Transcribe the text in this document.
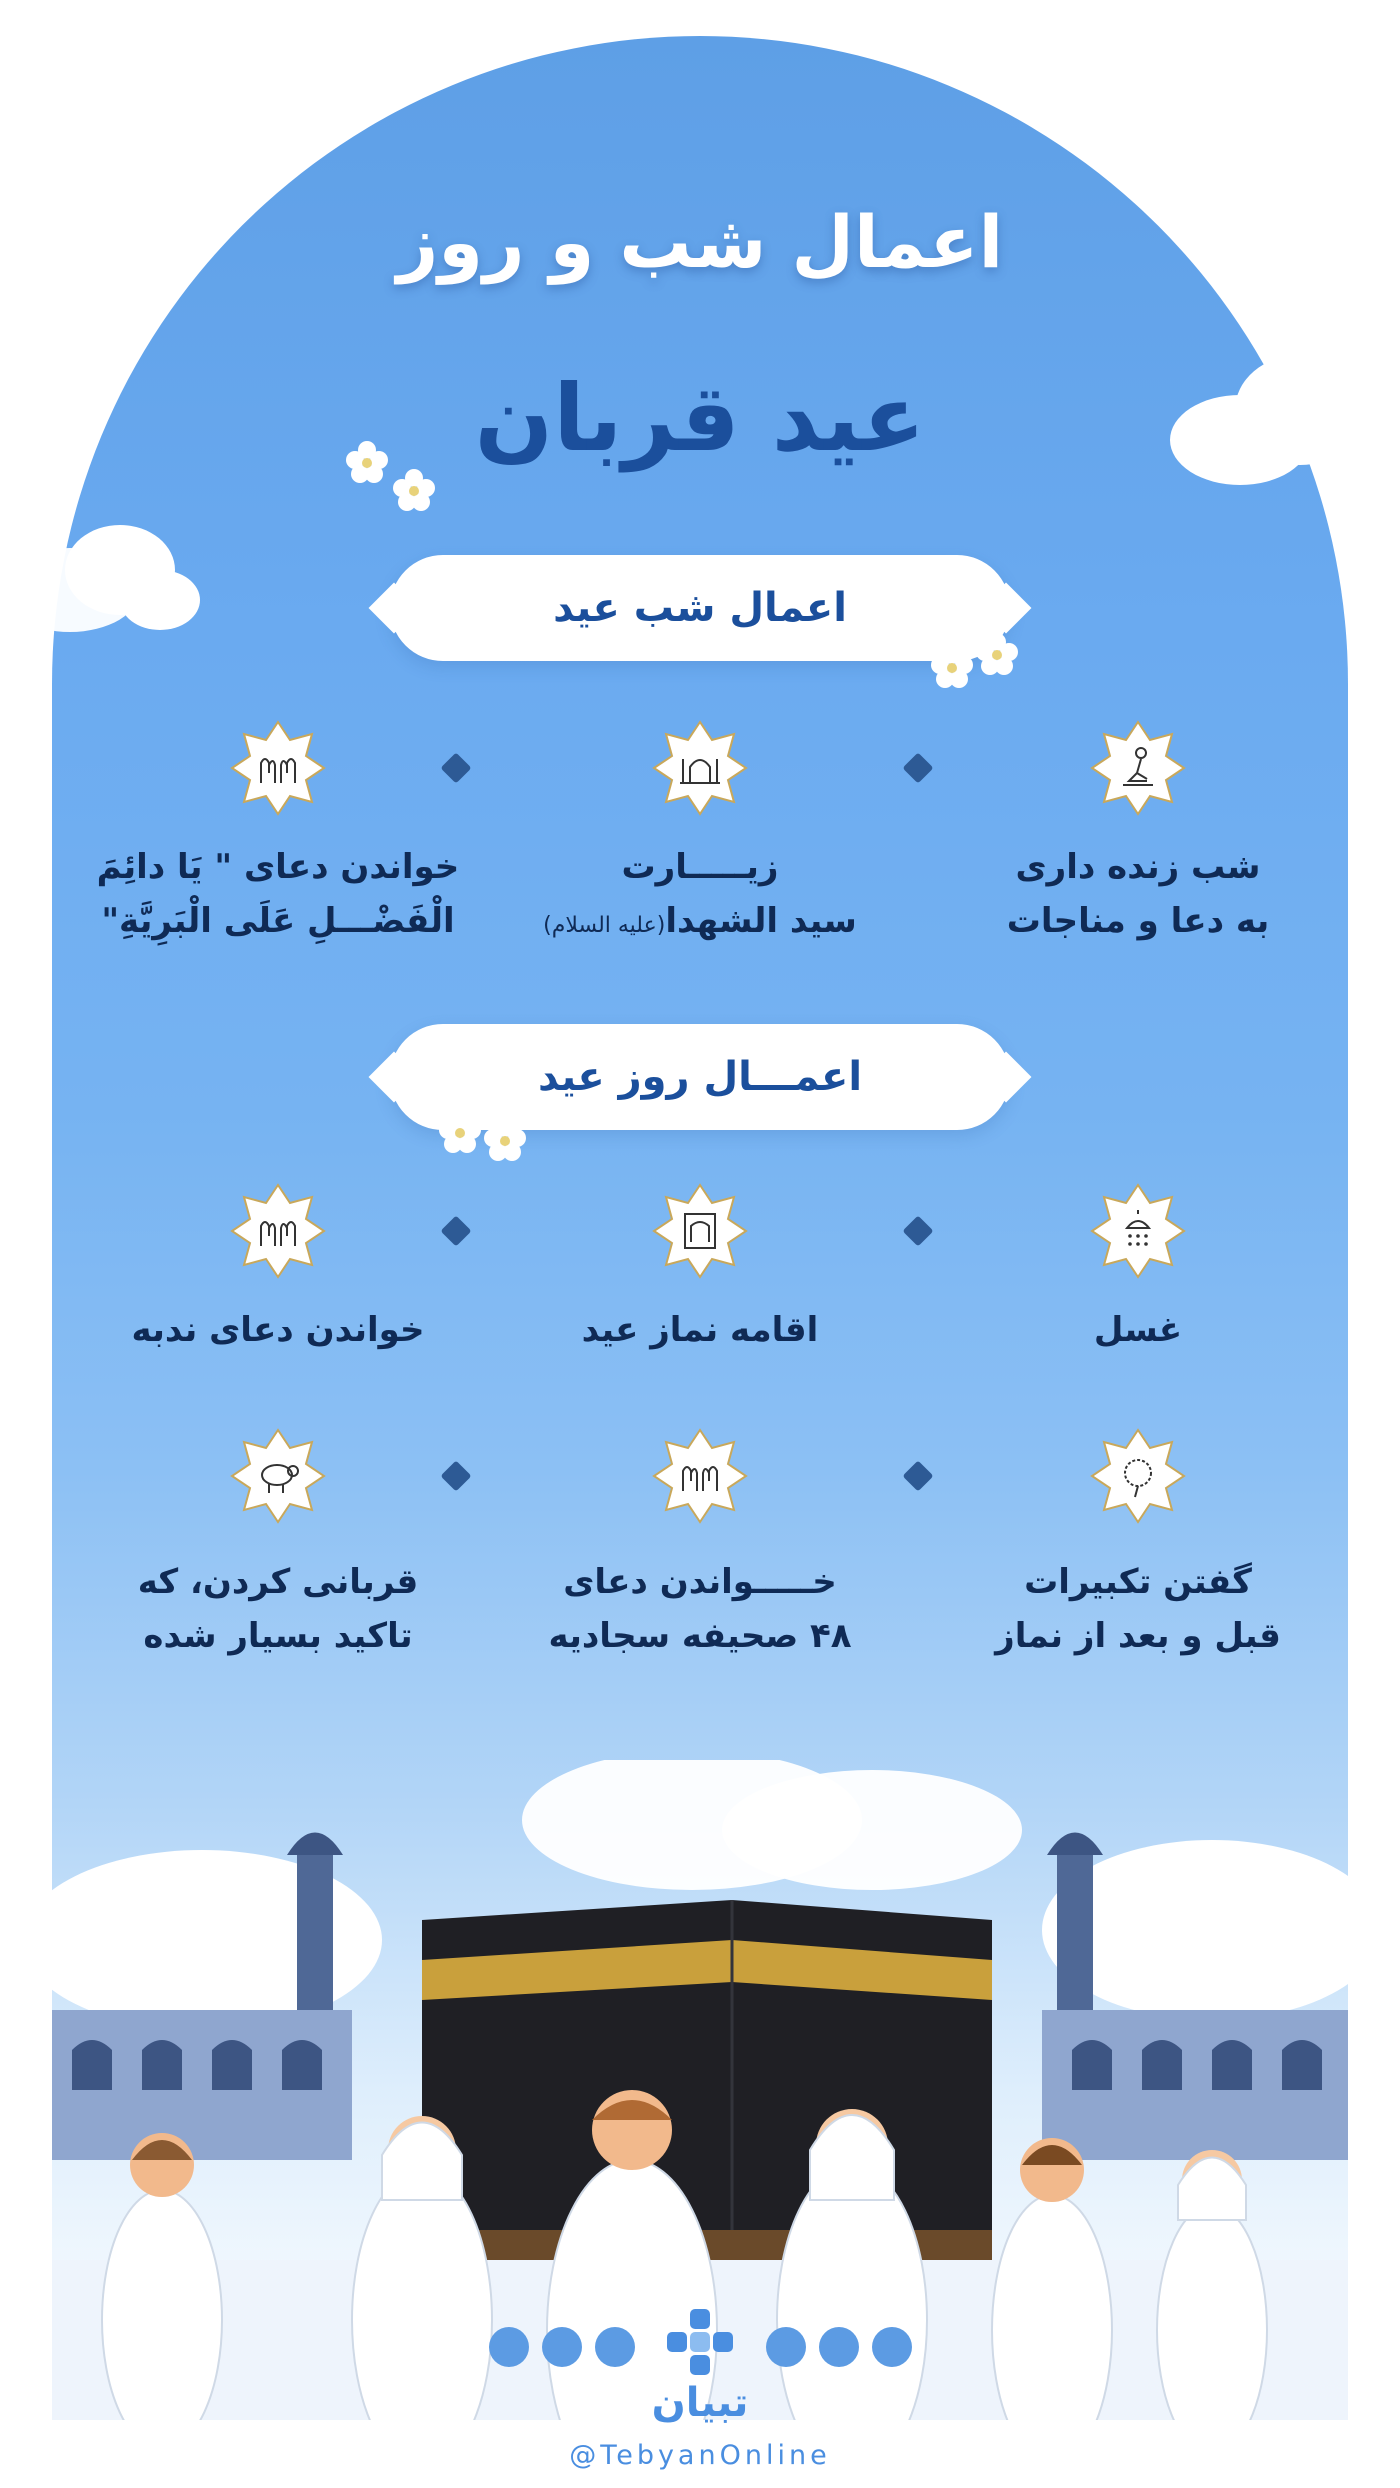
اعمال شب و روز
عید قربان
اعمال شب عید
شب زنده داری
به دعا و مناجات
زیـــــارت
سید الشهدا(علیه السلام)
خواندن دعای " یَا دائِمَ
الْفَضْـــلِ عَلَى الْبَرِيَّةِ"
اعمـــال روز عید
غسل
اقامه نماز عید
خواندن دعای ندبه
گفتن تکبیرات
قبل و بعد از نماز
خـــــواندن دعای
۴۸ صحیفه سجادیه
قربانی کردن، که
تاکید بسیار شده

تبیان
@TebyanOnline
